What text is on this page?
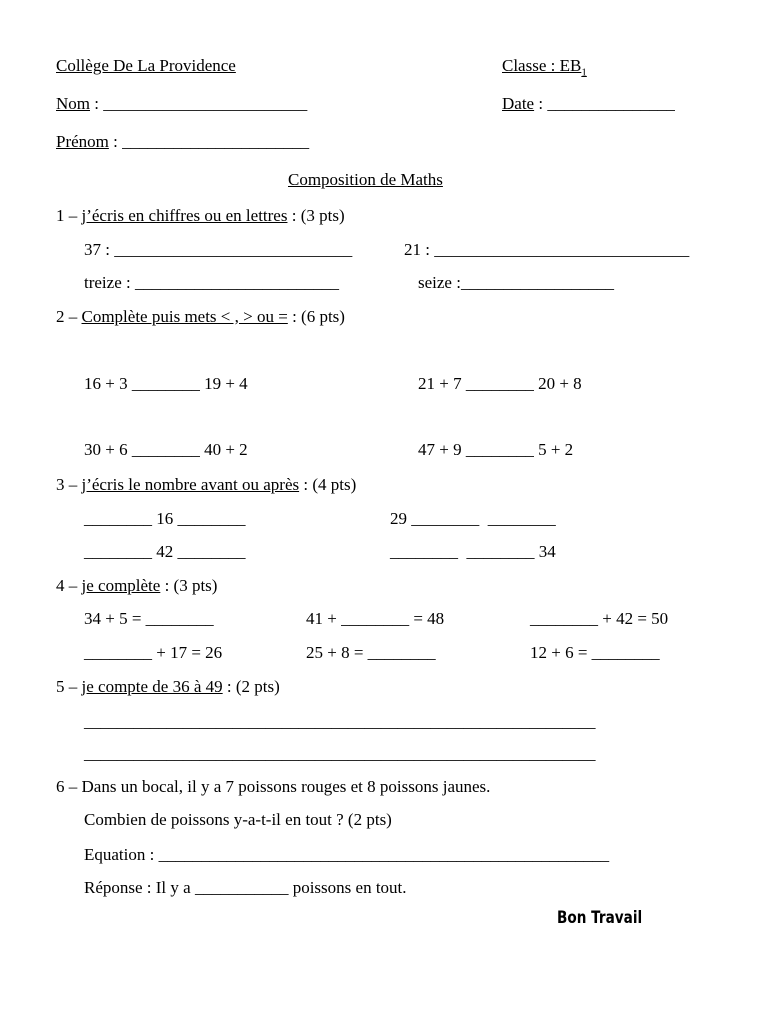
Collège De La Providence	Classe : $EB_1$
Nom : ________________________	Date : _______________
Prénom : ______________________
Composition de Maths
1 – j’écris en chiffres ou en lettres : (3 pts)
37 : ____________________________	21 : ______________________________
treize : ________________________	seize :__________________
2 – Complète puis mets < , > ou = : (6 pts)
16 + 3 ________ 19 + 4	21 + 7 ________ 20 + 8
30 + 6 ________ 40 + 2	47 + 9 ________ 5 + 2
3 – j’écris le nombre avant ou après : (4 pts)
________ 16 ________	29 ________  ________
________ 42 ________	________  ________ 34
4 – je complète : (3 pts)
34 + 5 = ________	41 + ________ = 48	________ + 42 = 50
________ + 17 = 26	25 + 8 = ________	12 + 6 = ________
5 – je compte de 36 à 49 : (2 pts)
______________________________________________________________
______________________________________________________________
6 – Dans un bocal, il y a 7 poissons rouges et 8 poissons jaunes.
Combien de poissons y-a-t-il en tout ? (2 pts)
Equation : _____________________________________________________
Réponse : Il y a ___________ poissons en tout.
Bon Travail
